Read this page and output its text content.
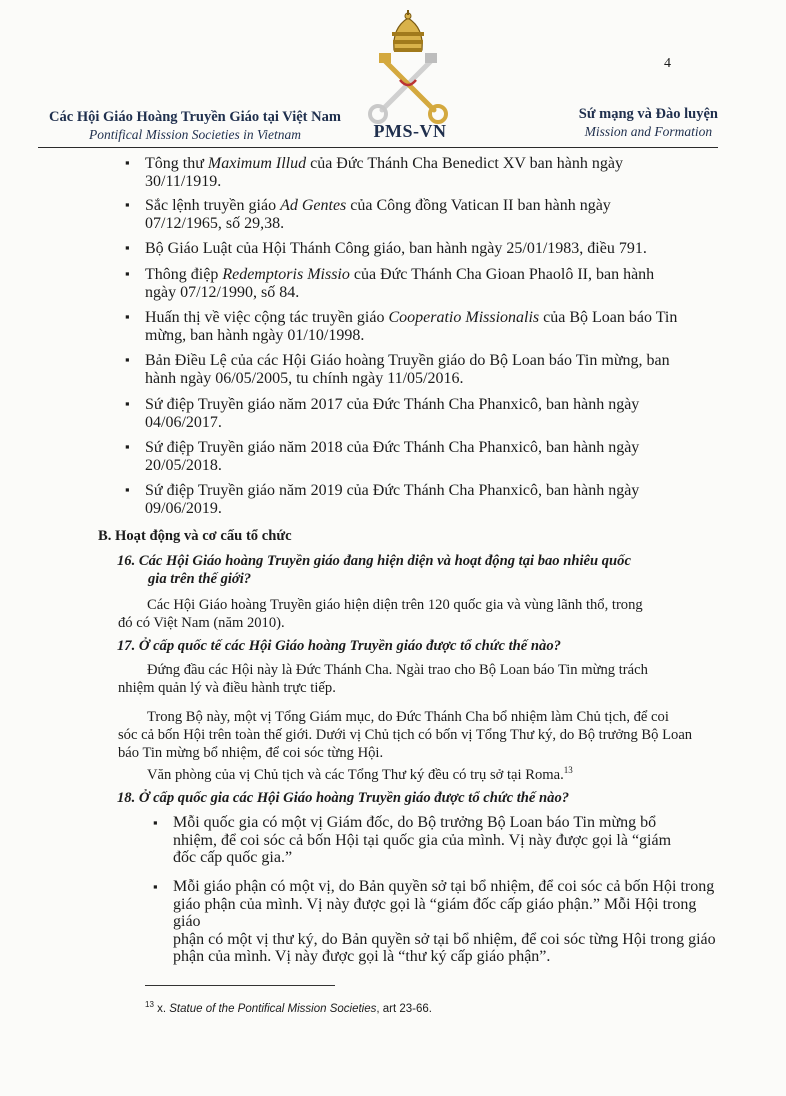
4
Các Hội Giáo Hoàng Truyền Giáo tại Việt Nam
Pontifical Mission Societies in Vietnam	PMS-VN
Sứ mạng và Đào luyện
Mission and Formation
▪ Tông thư Maximum Illud của Đức Thánh Cha Benedict XV ban hành ngày
30/11/1919.
▪ Sắc lệnh truyền giáo Ad Gentes của Công đồng Vatican II ban hành ngày
07/12/1965, số 29,38.
▪ Bộ Giáo Luật của Hội Thánh Công giáo, ban hành ngày 25/01/1983, điều 791.
▪ Thông điệp Redemptoris Missio của Đức Thánh Cha Gioan Phaolô II, ban hành
ngày 07/12/1990, số 84.
▪ Huấn thị về việc cộng tác truyền giáo Cooperatio Missionalis của Bộ Loan báo Tin
mừng, ban hành ngày 01/10/1998.
▪ Bản Điều Lệ của các Hội Giáo hoàng Truyền giáo do Bộ Loan báo Tin mừng, ban
hành ngày 06/05/2005, tu chính ngày 11/05/2016.
▪ Sứ điệp Truyền giáo năm 2017 của Đức Thánh Cha Phanxicô, ban hành ngày
04/06/2017.
▪ Sứ điệp Truyền giáo năm 2018 của Đức Thánh Cha Phanxicô, ban hành ngày
20/05/2018.
▪ Sứ điệp Truyền giáo năm 2019 của Đức Thánh Cha Phanxicô, ban hành ngày
09/06/2019.
B. Hoạt động và cơ cấu tổ chức
16. Các Hội Giáo hoàng Truyền giáo đang hiện diện và hoạt động tại bao nhiêu quốc
gia trên thế giới?
Các Hội Giáo hoàng Truyền giáo hiện diện trên 120 quốc gia và vùng lãnh thổ, trong
đó có Việt Nam (năm 2010).
17. Ở cấp quốc tế các Hội Giáo hoàng Truyền giáo được tổ chức thế nào?
Đứng đầu các Hội này là Đức Thánh Cha. Ngài trao cho Bộ Loan báo Tin mừng trách
nhiệm quản lý và điều hành trực tiếp.
Trong Bộ này, một vị Tổng Giám mục, do Đức Thánh Cha bổ nhiệm làm Chủ tịch, để coi
sóc cả bốn Hội trên toàn thế giới. Dưới vị Chủ tịch có bốn vị Tổng Thư ký, do Bộ trưởng Bộ Loan
báo Tin mừng bổ nhiệm, để coi sóc từng Hội.
Văn phòng của vị Chủ tịch và các Tổng Thư ký đều có trụ sở tại Roma.$^{13}$
18. Ở cấp quốc gia các Hội Giáo hoàng Truyền giáo được tổ chức thế nào?
▪ Mỗi quốc gia có một vị Giám đốc, do Bộ trưởng Bộ Loan báo Tin mừng bổ
nhiệm, để coi sóc cả bốn Hội tại quốc gia của mình. Vị này được gọi là “giám
đốc cấp quốc gia.”
▪ Mỗi giáo phận có một vị, do Bản quyền sở tại bổ nhiệm, để coi sóc cả bốn Hội trong
giáo phận của mình. Vị này được gọi là “giám đốc cấp giáo phận.” Mỗi Hội trong giáo
phận có một vị thư ký, do Bản quyền sở tại bổ nhiệm, để coi sóc từng Hội trong giáo
phận của mình. Vị này được gọi là “thư ký cấp giáo phận”.
$^{13}$ x. Statue of the Pontifical Mission Societies, art 23-66.
